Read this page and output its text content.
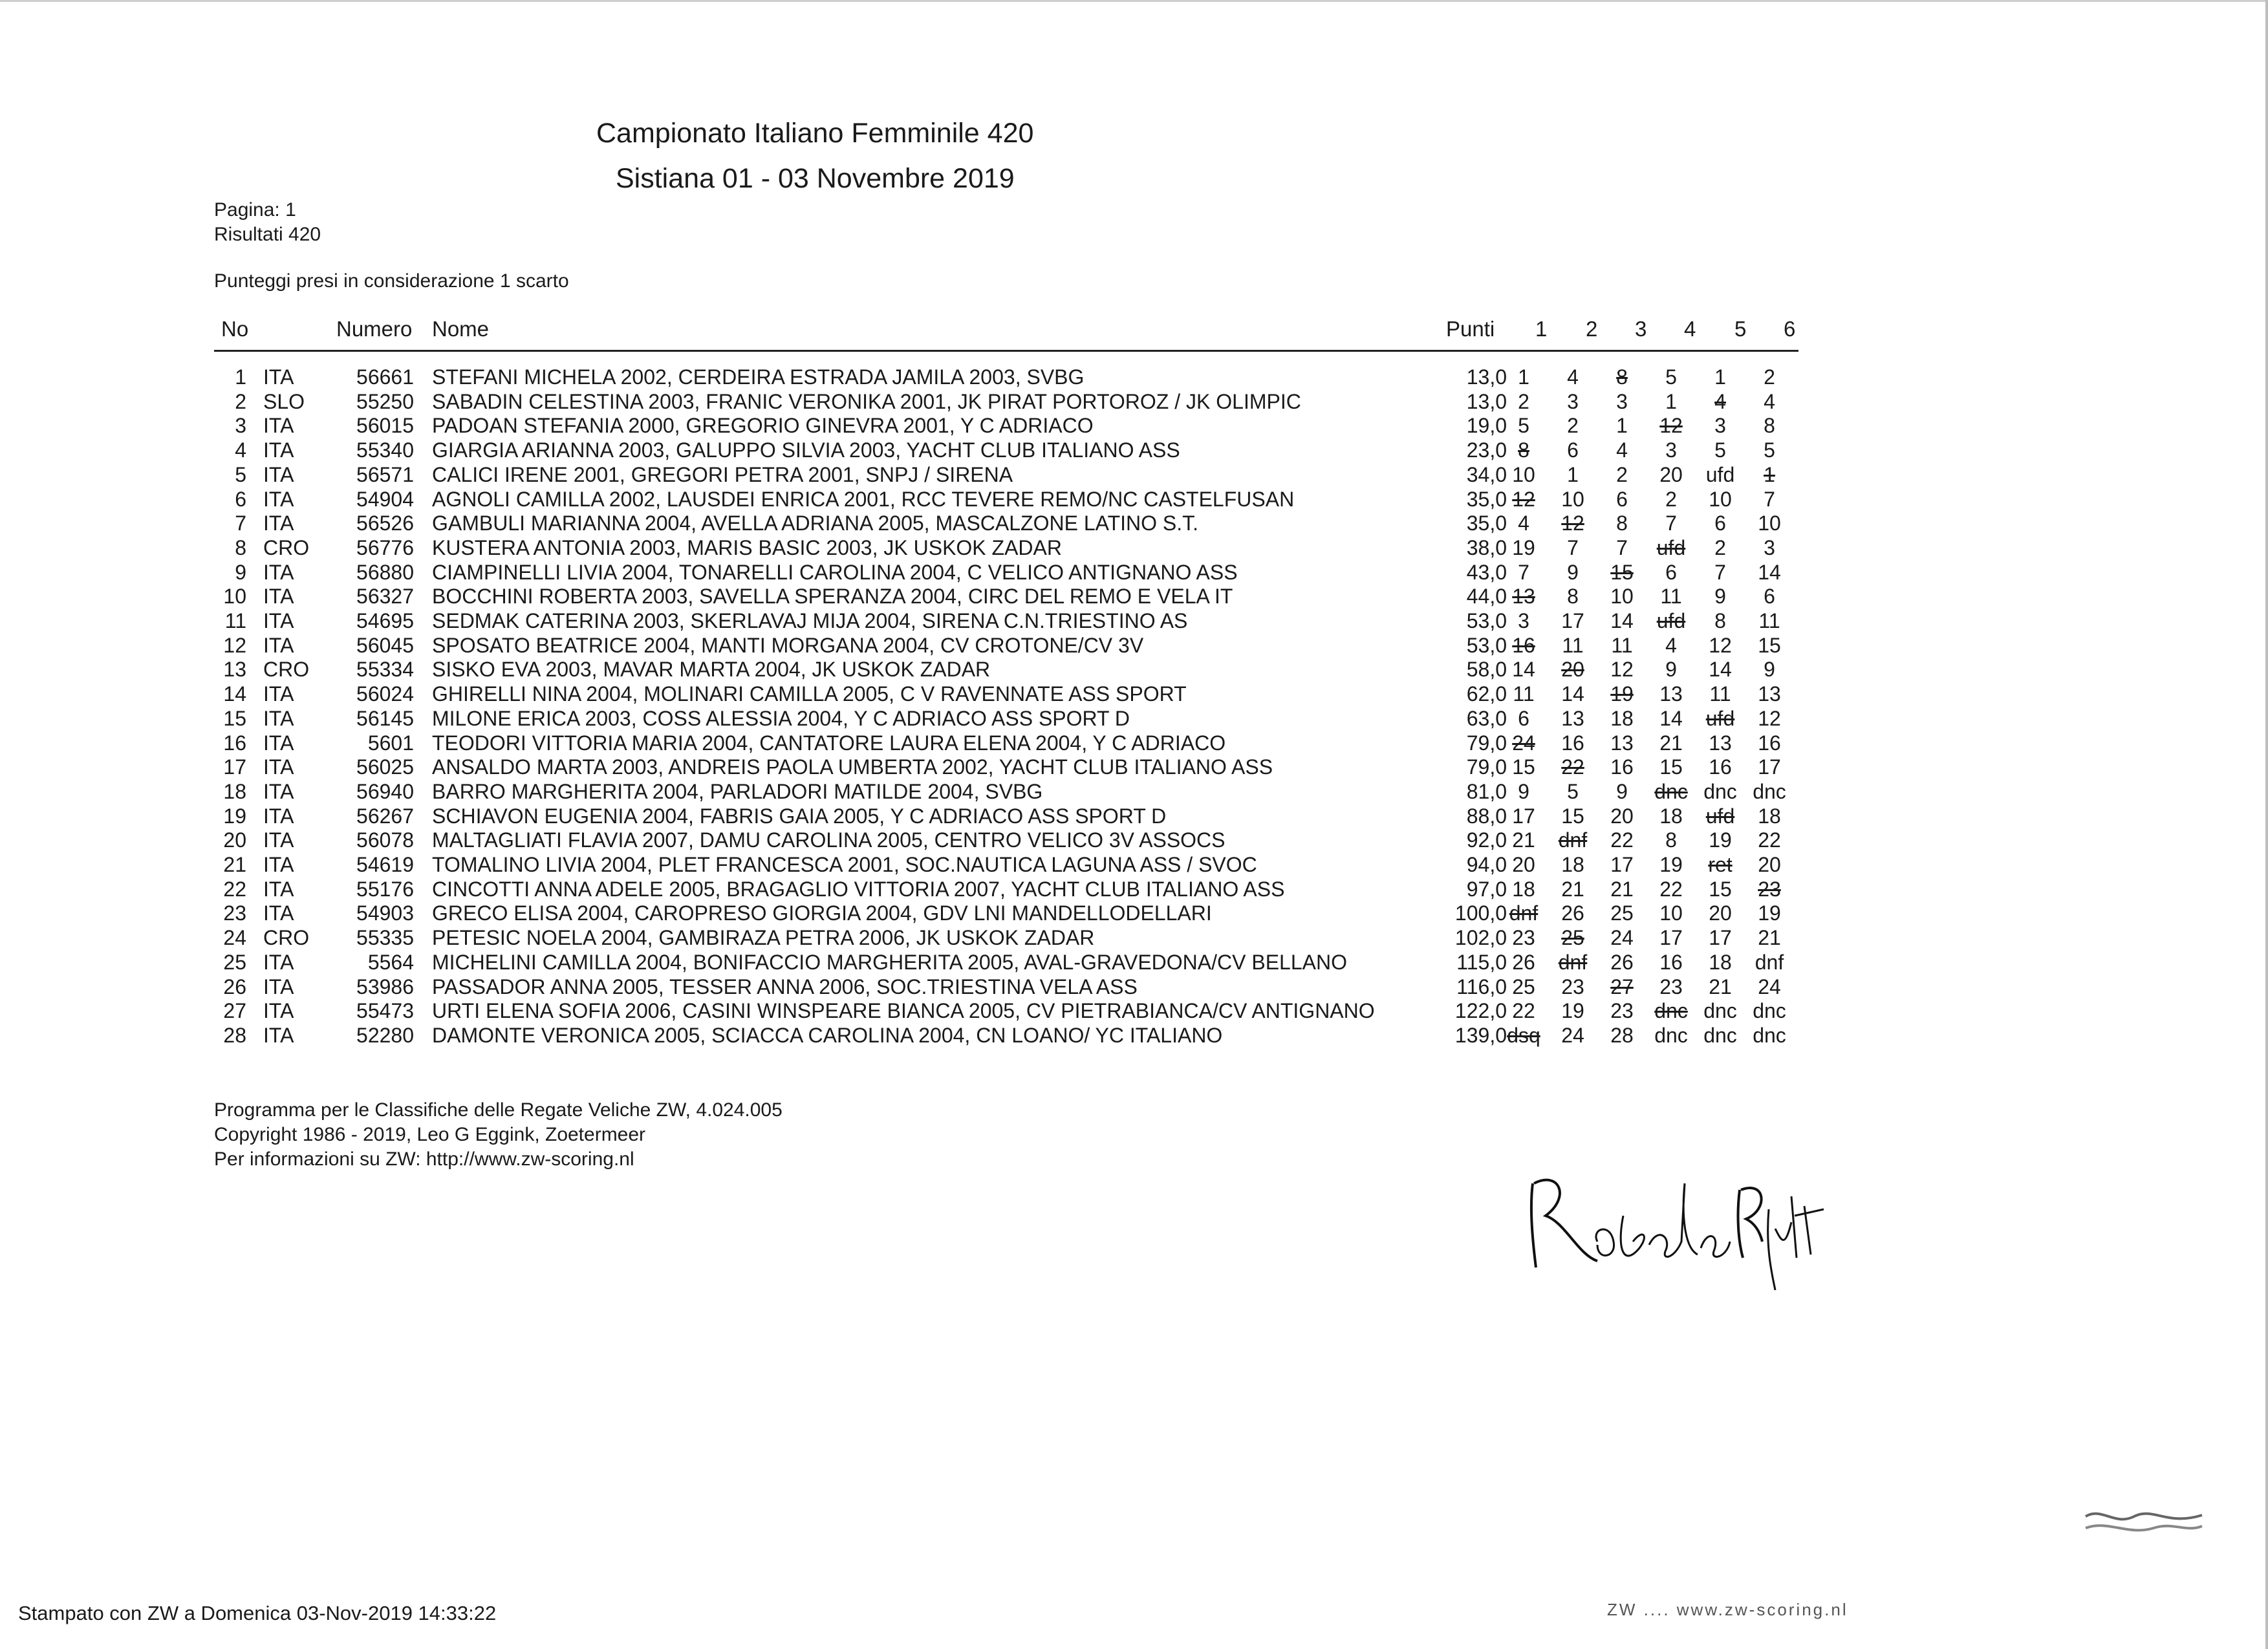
Campionato Italiano Femminile 420
Sistiana 01 - 03 Novembre 2019
Pagina: 1
Risultati 420
Punteggi presi in considerazione 1 scarto
No	Numero Nome	Punti 1 2 3 4 5 6
1 ITA	56661 STEFANI MICHELA 2002, CERDEIRA ESTRADA JAMILA 2003, SVBG	13,0 1	4	8	5	1	2
2 SLO	55250 SABADIN CELESTINA 2003, FRANIC VERONIKA 2001, JK PIRAT PORTOROZ / JK OLIMPIC	13,0 2	3	3	1	4	4
3 ITA	56015 PADOAN STEFANIA 2000, GREGORIO GINEVRA 2001, Y C ADRIACO	19,0 5	2	1	12	3	8
4 ITA	55340 GIARGIA ARIANNA 2003, GALUPPO SILVIA 2003, YACHT CLUB ITALIANO ASS	23,0 8	6	4	3	5	5
5 ITA	56571 CALICI IRENE 2001, GREGORI PETRA 2001, SNPJ / SIRENA	34,0 10	1	2	20	ufd	1
6 ITA	54904 AGNOLI CAMILLA 2002, LAUSDEI ENRICA 2001, RCC TEVERE REMO/NC CASTELFUSAN	35,0 12	10	6	2	10	7
7 ITA	56526 GAMBULI MARIANNA 2004, AVELLA ADRIANA 2005, MASCALZONE LATINO S.T.	35,0 4	12	8	7	6	10
8 CRO	56776 KUSTERA ANTONIA 2003, MARIS BASIC 2003, JK USKOK ZADAR	38,0 19	7	7	ufd	2	3
9 ITA	56880 CIAMPINELLI LIVIA 2004, TONARELLI CAROLINA 2004, C VELICO ANTIGNANO ASS	43,0 7	9	15	6	7	14
10 ITA	56327 BOCCHINI ROBERTA 2003, SAVELLA SPERANZA 2004, CIRC DEL REMO E VELA IT	44,0 13	8	10	11	9	6
11 ITA	54695 SEDMAK CATERINA 2003, SKERLAVAJ MIJA 2004, SIRENA C.N.TRIESTINO AS	53,0 3	17	14	ufd	8	11
12 ITA	56045 SPOSATO BEATRICE 2004, MANTI MORGANA 2004, CV CROTONE/CV 3V	53,0 16	11	11	4	12	15
13 CRO	55334 SISKO EVA 2003, MAVAR MARTA 2004, JK USKOK ZADAR	58,0 14	20	12	9	14	9
14 ITA	56024 GHIRELLI NINA 2004, MOLINARI CAMILLA 2005, C V RAVENNATE ASS SPORT	62,0 11	14	19	13	11	13
15 ITA	56145 MILONE ERICA 2003, COSS ALESSIA 2004, Y C ADRIACO ASS SPORT D	63,0 6	13	18	14	ufd	12
16 ITA	5601 TEODORI VITTORIA MARIA 2004, CANTATORE LAURA ELENA 2004, Y C ADRIACO	79,0 24	16	13	21	13	16
17 ITA	56025 ANSALDO MARTA 2003, ANDREIS PAOLA UMBERTA 2002, YACHT CLUB ITALIANO ASS	79,0 15	22	16	15	16	17
18 ITA	56940 BARRO MARGHERITA 2004, PARLADORI MATILDE 2004, SVBG	81,0 9	5	9	dnc dnc dnc
19 ITA	56267 SCHIAVON EUGENIA 2004, FABRIS GAIA 2005, Y C ADRIACO ASS SPORT D	88,0 17	15	20	18	ufd	18
20 ITA	56078 MALTAGLIATI FLAVIA 2007, DAMU CAROLINA 2005, CENTRO VELICO 3V ASSOCS	92,0 21	dnf	22	8	19	22
21 ITA	54619 TOMALINO LIVIA 2004, PLET FRANCESCA 2001, SOC.NAUTICA LAGUNA ASS / SVOC	94,0 20	18	17	19	ret	20
22 ITA	55176 CINCOTTI ANNA ADELE 2005, BRAGAGLIO VITTORIA 2007, YACHT CLUB ITALIANO ASS	97,0 18	21	21	22	15	23
23 ITA	54903 GRECO ELISA 2004, CAROPRESO GIORGIA 2004, GDV LNI MANDELLODELLARI	100,0 dnf	26	25	10	20	19
24 CRO	55335 PETESIC NOELA 2004, GAMBIRAZA PETRA 2006, JK USKOK ZADAR	102,0 23	25	24	17	17	21
25 ITA	5564 MICHELINI CAMILLA 2004, BONIFACCIO MARGHERITA 2005, AVAL-GRAVEDONA/CV BELLANO	115,0 26	dnf	26	16	18	dnf
26 ITA	53986 PASSADOR ANNA 2005, TESSER ANNA 2006, SOC.TRIESTINA VELA ASS	116,0 25	23	27	23	21	24
27 ITA	55473 URTI ELENA SOFIA 2006, CASINI WINSPEARE BIANCA 2005, CV PIETRABIANCA/CV ANTIGNANO	122,0 22	19	23	dnc dnc dnc
28 ITA	52280 DAMONTE VERONICA 2005, SCIACCA CAROLINA 2004, CN LOANO/ YC ITALIANO	139,0 dsq	24	28	dnc dnc dnc
Programma per le Classifiche delle Regate Veliche ZW, 4.024.005
Copyright 1986 - 2019, Leo G Eggink, Zoetermeer
Per informazioni su ZW: http://www.zw-scoring.nl
Stampato con ZW a Domenica 03-Nov-2019 14:33:22	ZW .... www.zw-scoring.nl
